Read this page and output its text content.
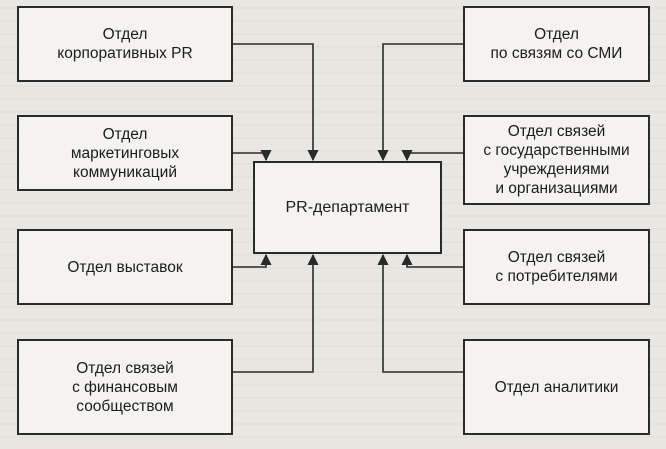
Отдел
корпоративных PR
Отдел
маркетинговых
коммуникаций
Отдел выставок
Отдел связей
с финансовым
сообществом
PR-департамент
Отдел
по связям со СМИ
Отдел связей
с государственными
учреждениями
и организациями
Отдел связей
с потребителями
Отдел аналитики
